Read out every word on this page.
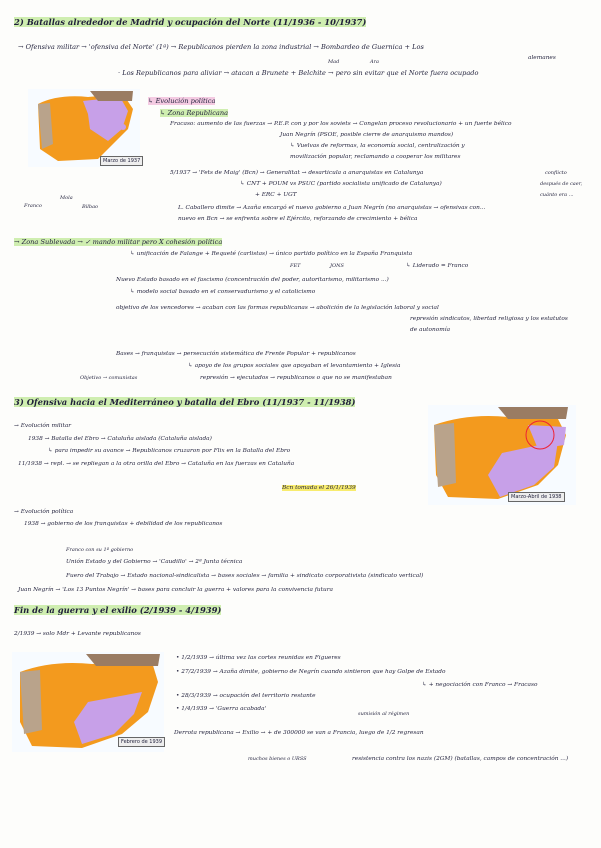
2) Batallas alrededor de Madrid y ocupación del Norte (11/1936 - 10/1937)
→ Ofensiva militar → 'ofensiva del Norte' (1ª) → Republicanos pierden la zona industrial → Bombardeo de Guernica + Los
alemanes
Mad	Ara
· Los Republicanos para aliviar → atacan a Brunete + Belchite → pero sin evitar que el Norte fuera ocupado
Marzo de 1937
↳ Evolución política
↳ Zona Republicana
Fracaso: aumento de las fuerzas → P.E.P. con y por los soviets → Congelan proceso revolucionario + un fuerte bélico
Juan Negrín (PSOE, posible cierre de anarquismo mandos)
↳ Vuelvas de reformas, la economía social, centralización y
movilización popular, reclamando a cooperar los militares
5/1937 → 'Fets de Maig' (Bcn) → Generalitat → desarticula a anarquistas en Catalunya	conflicto
↳ CNT + POUM vs PSUC (partido socialista unificado de Catalunya)
+ ERC + UGT
después de caer,
cuánto era ...
L. Caballero dimite → Azaña encargó el nuevo gobierno a Juan Negrín (no anarquistas → ofensivas con...
nuevo en Bcn → se enfrenta sobre el Ejército, reforzando de crecimiento + bélica
Franco
Mola
Bilbao
→ Zona Sublevada → ✓ mando militar pero X cohesión política
↳ unificación de Falange + Requeté (carlistas) → único partido político en la España Franquista
FET	JONS	↳ Liderado = Franco
Nuevo Estado basado en el fascismo (concentración del poder, autoritarismo, militarismo ...)
↳ modelo social basado en el conservadurismo y el catolicismo
objetivo de los vencedores → acaban con las formas republicanas → abolición de la legislación laboral y social
represión sindicatos, libertad religiosa y los estatutos
de autonomía
Bases → franquistas → persecución sistemática de Frente Popular + republicanos
↳ apoyo de los grupos sociales que apoyaban el levantamiento + Iglesia
Objetivo → comunistas	represión → ejecutados → republicanos o que no se manifestaban
3) Ofensiva hacia el Mediterráneo y batalla del Ebro (11/1937 - 11/1938)
Marzo-Abril de 1938
→ Evolución militar
1938 → Batalla del Ebro → Cataluña aislada (Cataluña aislada)
↳ para impedir su avance → Republicanos cruzaron por Flix en la Batalla del Ebro
11/1938 → repl. → se repliegan a la otra orilla del Ebro → Cataluña en las fuerzas en Cataluña
Bcn tomada el 26/1/1939
→ Evolución política
1938 → gobierno de los franquistas + debilidad de los republicanos
Franco con su 1ª gobierno
Unión Estado y del Gobierno → 'Caudillo' → 2ª Junta técnica
Fuero del Trabajo → Estado nacional-sindicalista → bases sociales → familia + sindicato corporativista (sindicato vertical)
Juan Negrín → 'Los 13 Puntos Negrín' → bases para concluir la guerra + valores para la convivencia futura
Fin de la guerra y el exilio (2/1939 - 4/1939)
2/1939 → solo Mdr + Levante republicanos
Febrero de 1939
• 1/2/1939 → última vez las cortes reunidas en Figueres
• 27/2/1939 → Azaña dimite, gobierno de Negrín cuando sintieron que hay Golpe de Estado
↳ + negociación con Franco → Fracaso
• 28/3/1939 → ocupación del territorio restante
• 1/4/1939 → 'Guerra acabada'
sumisión al régimen
Derrota republicana → Exilio → + de 300000 se van a Francia, luego de 1/2 regresan
muchos bienes o URSS	resistencia contra los nazis (2GM) (batallas, campos de concentración ...)
